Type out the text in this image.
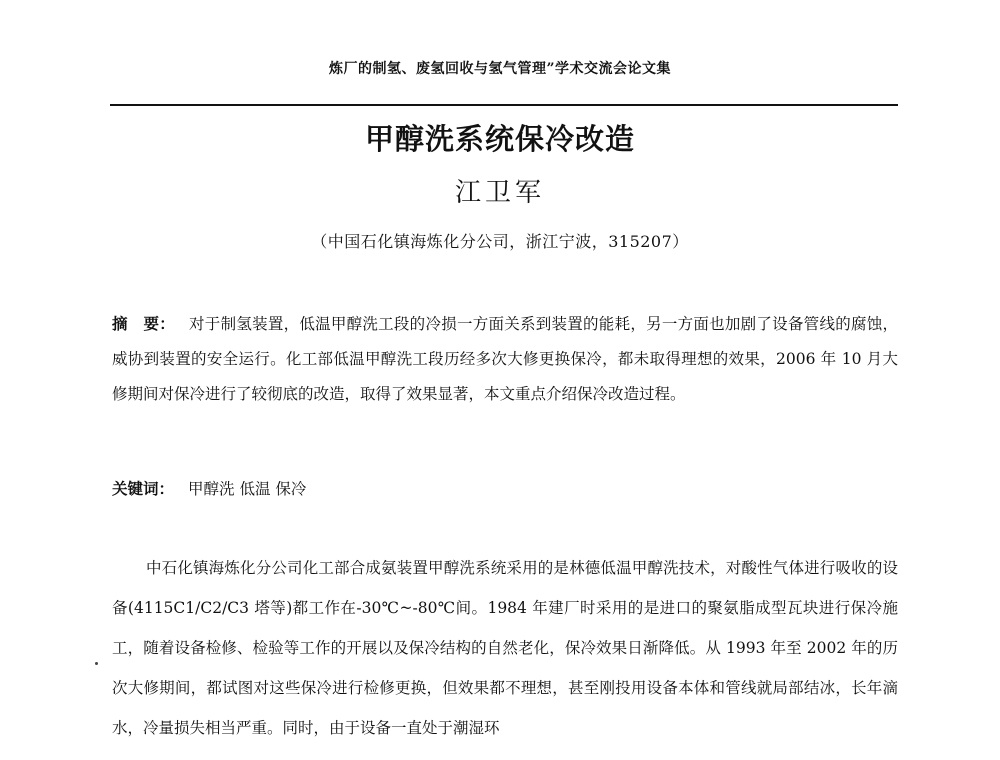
炼厂的制氢、废氢回收与氢气管理”学术交流会论文集
甲醇洗系统保冷改造
江卫军
（中国石化镇海炼化分公司，浙江宁波，315207）

摘　要： 对于制氢装置，低温甲醇洗工段的冷损一方面关系到装置的能耗，另一方面也加剧了设备管线的腐蚀，威协到装置的安全运行。化工部低温甲醇洗工段历经多次大修更换保冷，都未取得理想的效果，2006 年 10 月大修期间对保冷进行了较彻底的改造，取得了效果显著，本文重点介绍保冷改造过程。

关键词： 甲醇洗 低温 保冷

中石化镇海炼化分公司化工部合成氨装置甲醇洗系统采用的是林德低温甲醇洗技术，对酸性气体进行吸收的设备(4115C1/C2/C3 塔等)都工作在-30℃~-80℃间。1984 年建厂时采用的是进口的聚氨脂成型瓦块进行保冷施工，随着设备检修、检验等工作的开展以及保冷结构的自然老化，保冷效果日渐降低。从 1993 年至 2002 年的历次大修期间，都试图对这些保冷进行检修更换，但效果都不理想，甚至刚投用设备本体和管线就局部结冰，长年滴水，冷量损失相当严重。同时，由于设备一直处于潮湿环
